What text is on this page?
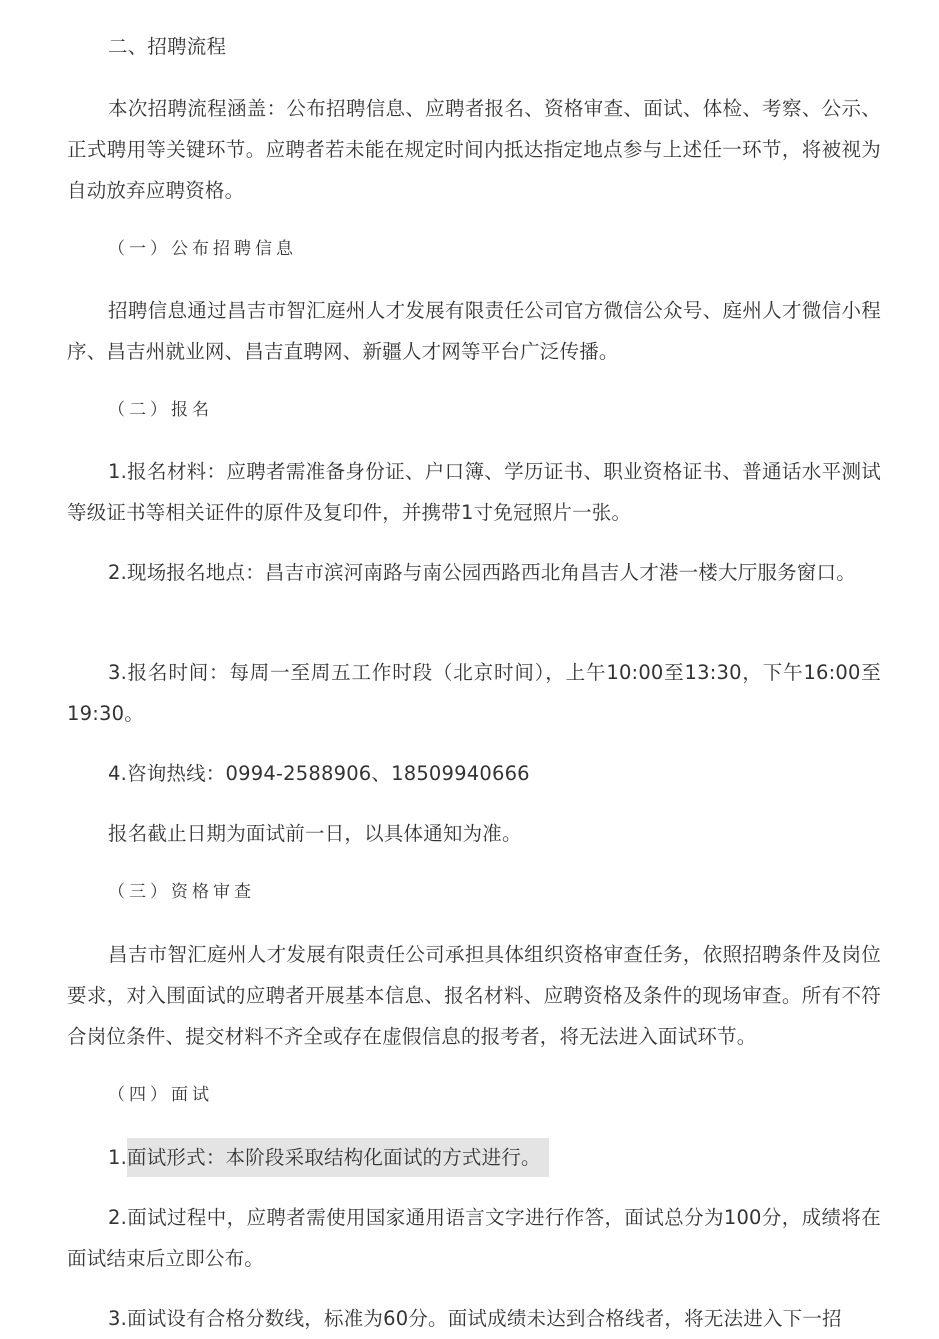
二、招聘流程

本次招聘流程涵盖：公布招聘信息、应聘者报名、资格审查、面试、体检、考察、公示、正式聘用等关键环节。应聘者若未能在规定时间内抵达指定地点参与上述任一环节，将被视为自动放弃应聘资格。

（一）公布招聘信息

招聘信息通过昌吉市智汇庭州人才发展有限责任公司官方微信公众号、庭州人才微信小程序、昌吉州就业网、昌吉直聘网、新疆人才网等平台广泛传播。

（二）报名

1.报名材料：应聘者需准备身份证、户口簿、学历证书、职业资格证书、普通话水平测试等级证书等相关证件的原件及复印件，并携带1寸免冠照片一张。

2.现场报名地点：昌吉市滨河南路与南公园西路西北角昌吉人才港一楼大厅服务窗口。

3.报名时间：每周一至周五工作时段（北京时间），上午10:00至13:30，下午16:00至19:30。

4.咨询热线：0994-2588906、18509940666

报名截止日期为面试前一日，以具体通知为准。

（三）资格审查

昌吉市智汇庭州人才发展有限责任公司承担具体组织资格审查任务，依照招聘条件及岗位要求，对入围面试的应聘者开展基本信息、报名材料、应聘资格及条件的现场审查。所有不符合岗位条件、提交材料不齐全或存在虚假信息的报考者，将无法进入面试环节。

（四）面试

1.面试形式：本阶段采取结构化面试的方式进行。

2.面试过程中，应聘者需使用国家通用语言文字进行作答，面试总分为100分，成绩将在面试结束后立即公布。

3.面试设有合格分数线，标准为60分。面试成绩未达到合格线者，将无法进入下一招
